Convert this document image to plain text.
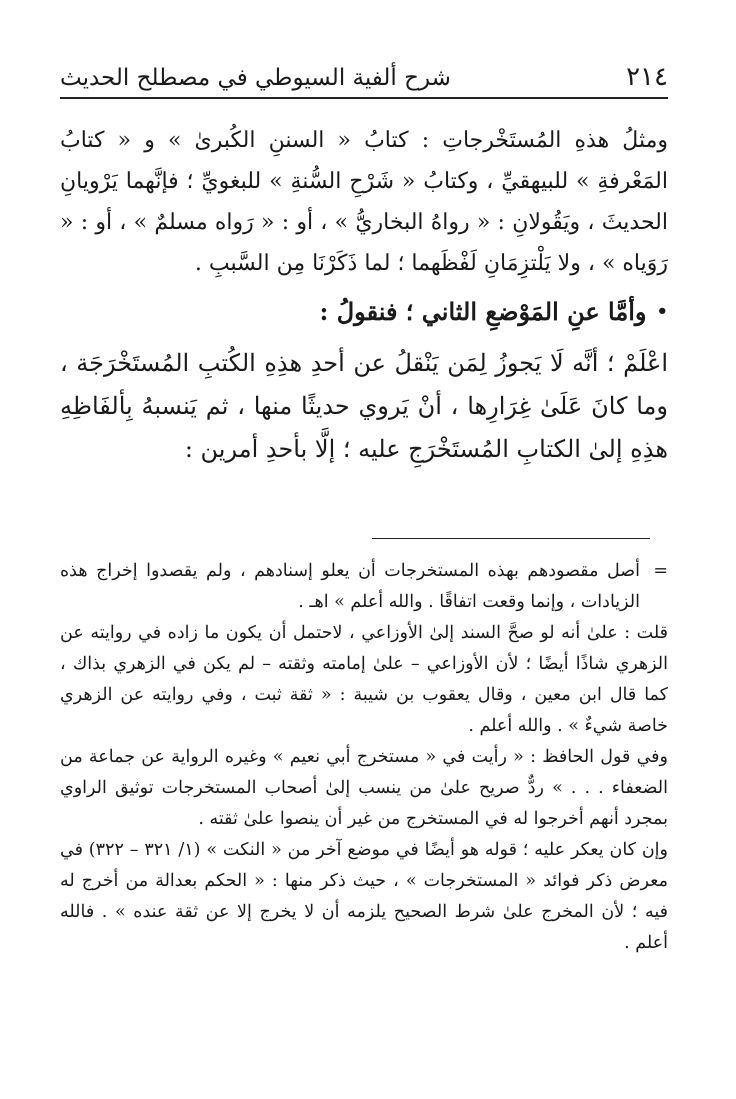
٢١٤
شرح ألفية السيوطي في مصطلح الحديث

ومثلُ هذهِ المُستَخْرجاتِ : كتابُ « السننِ الكُبرىٰ » و « كتابُ المَعْرفةِ » للبيهقيِّ ، وكتابُ « شَرْحِ السُّنةِ » للبغويِّ ؛ فإنَّهما يَرْويانِ الحديثَ ، ويَقُولانِ : « رواهُ البخاريُّ » ، أو : « رَواه مسلمٌ » ، أو : « رَوَياه » ، ولا يَلْتزِمَانِ لَفْظَهما ؛ لما ذَكَرْنَا مِن السَّببِ .

•
وأمَّا عنِ المَوْضعِ الثاني ؛ فنقولُ :

اعْلَمْ ؛ أنَّه لَا يَجوزُ لِمَن يَنْقلُ عن أحدِ هذِهِ الكُتبِ المُستَخْرَجَة ، وما كانَ عَلَىٰ غِرَارِها ، أنْ يَروي حديثًا منها ، ثم يَنسبهُ بِألفَاظِهِ هذِهِ إلىٰ الكتابِ المُستَخْرَجِ عليه ؛ إلَّا بأحدِ أمرين :

=
أصل مقصودهم بهذه المستخرجات أن يعلو إسنادهم ، ولم يقصدوا إخراج هذه الزيادات ، وإنما وقعت اتفاقًا . والله أعلم » اهـ .

قلت : علىٰ أنه لو صحَّ السند إلىٰ الأوزاعي ، لاحتمل أن يكون ما زاده في روايته عن الزهري شاذًا أيضًا ؛ لأن الأوزاعي – علىٰ إمامته وثقته – لم يكن في الزهري بذاك ، كما قال ابن معين ، وقال يعقوب بن شيبة : « ثقة ثبت ، وفي روايته عن الزهري خاصة شيءٌ » . والله أعلم .

وفي قول الحافظ : « رأيت في « مستخرج أبي نعيم » وغيره الرواية عن جماعة من الضعفاء . . . » ردٌّ صريح علىٰ من ينسب إلىٰ أصحاب المستخرجات توثيق الراوي بمجرد أنهم أخرجوا له في المستخرج من غير أن ينصوا علىٰ ثقته .

وإن كان يعكر عليه ؛ قوله هو أيضًا في موضع آخر من « النكت » (١/ ٣٢١ – ٣٢٢) في معرض ذكر فوائد « المستخرجات » ، حيث ذكر منها : « الحكم بعدالة من أخرج له فيه ؛ لأن المخرج علىٰ شرط الصحيح يلزمه أن لا يخرج إلا عن ثقة عنده » . فالله أعلم .
